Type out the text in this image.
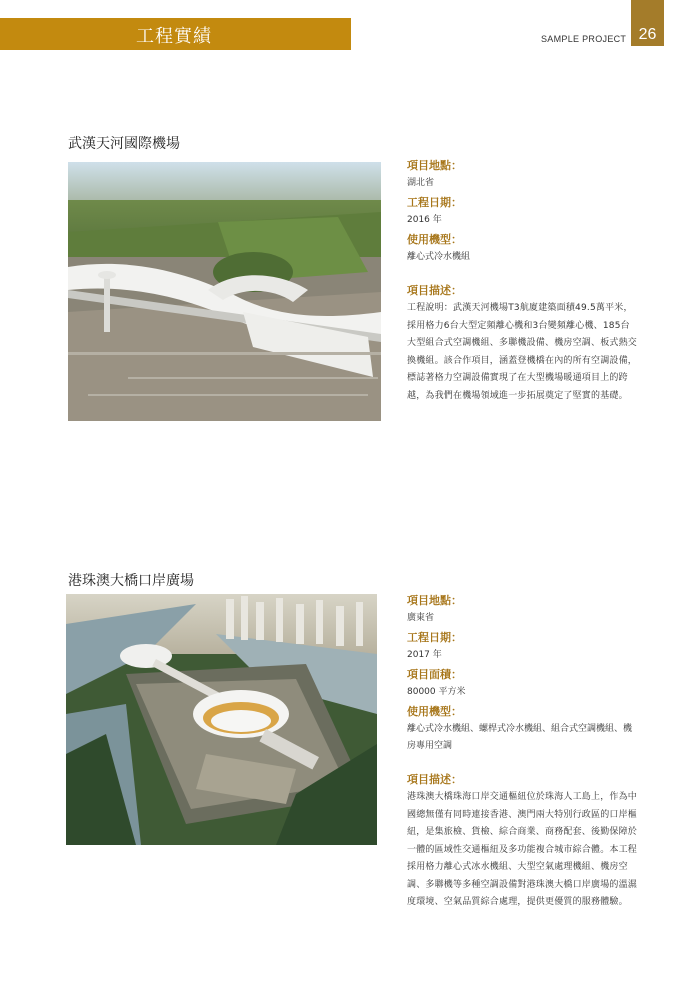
工程實績	SAMPLE PROJECT 26
武漢天河國際機場
項目地點：
湖北省
工程日期：
2016 年
使用機型：
離心式冷水機組
項目描述：
工程說明：武漢天河機場T3航廈建築面積49.5萬平米，採用格力6台大型定頻離心機和3台變頻離心機、185台大型組合式空調機組、多聯機設備、機房空調、板式熱交換機組。該合作項目，涵蓋登機橋在內的所有空調設備，標誌著格力空調設備實現了在大型機場暖通項目上的跨越，為我們在機場領域進一步拓展奠定了堅實的基礎。
港珠澳大橋口岸廣場
項目地點：
廣東省
工程日期：
2017 年
項目面積：
80000 平方米
使用機型：
離心式冷水機組、螺桿式冷水機組、組合式空調機組、機房專用空調
項目描述：
港珠澳大橋珠海口岸交通樞紐位於珠海人工島上，作為中國總無僅有同時連接香港、澳門兩大特別行政區的口岸樞紐，是集旅檢、貨檢、綜合商業、商務配套、後勤保障於一體的區域性交通樞紐及多功能複合城市綜合體。本工程採用格力離心式冰水機組、大型空氣處理機組、機房空調、多聯機等多種空調設備對港珠澳大橋口岸廣場的溫濕度環境、空氣品質綜合處理，提供更優質的服務體驗。
